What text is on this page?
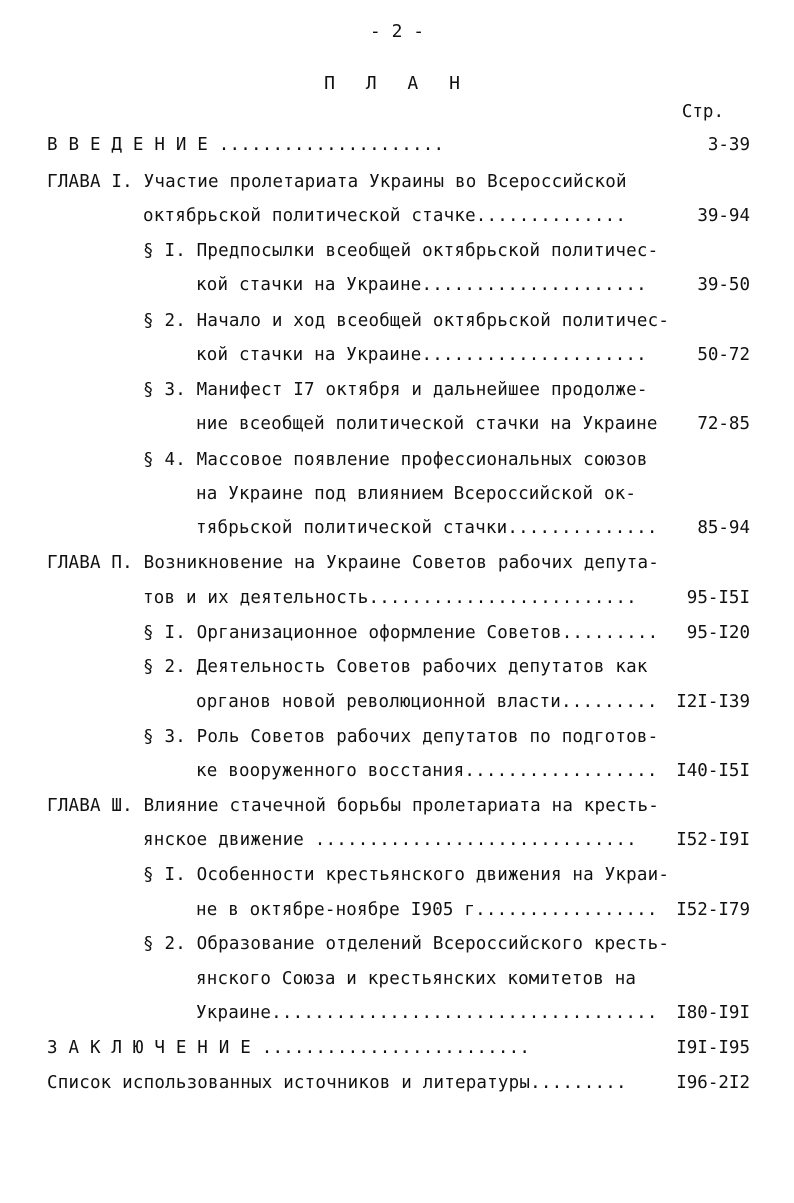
- 2 -
П Л А Н
Стр.
В В Е Д Е Н И Е .....................	3-39
ГЛАВА I. Участие пролетариата Украины во Всероссийской
октябрьской политической стачке..............	39-94
§ I. Предпосылки всеобщей октябрьской политичес-
кой стачки на Украине.....................	39-50
§ 2. Начало и ход всеобщей октябрьской политичес-
кой стачки на Украине.....................	50-72
§ 3. Манифест I7 октября и дальнейшее продолже-
ние всеобщей политической стачки на Украине 72-85
§ 4. Массовое появление профессиональных союзов
на Украине под влиянием Всероссийской ок-
тябрьской политической стачки.............. 85-94
ГЛАВА П. Возникновение на Украине Советов рабочих депута-
тов и их деятельность.........................	95-I5I
§ I. Организационное оформление Советов......... 95-I20
§ 2. Деятельность Советов рабочих депутатов как
органов новой революционной власти......... I2I-I39
§ 3. Роль Советов рабочих депутатов по подготов-
ке вооруженного восстания.................. I40-I5I
ГЛАВА Ш. Влияние стачечной борьбы пролетариата на кресть-
янское движение .............................. I52-I9I
§ I. Особенности крестьянского движения на Украи-
не в октябре-ноябре I905 г................. I52-I79
§ 2. Образование отделений Всероссийского кресть-
янского Союза и крестьянских комитетов на
Украине.................................... I80-I9I
З А К Л Ю Ч Е Н И Е .........................	I9I-I95
Список использованных источников и литературы.........	I96-2I2
